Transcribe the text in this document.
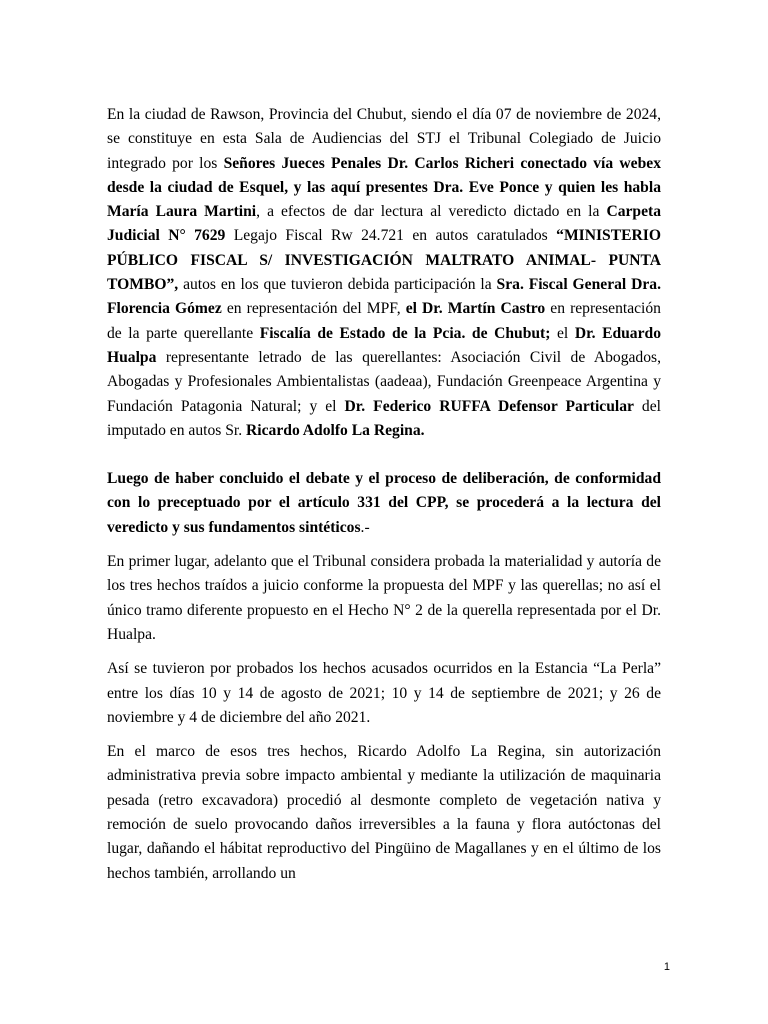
En la ciudad de Rawson, Provincia del Chubut, siendo el día 07 de noviembre de 2024, se constituye en esta Sala de Audiencias del STJ el Tribunal Colegiado de Juicio integrado por los Señores Jueces Penales Dr. Carlos Richeri conectado vía webex desde la ciudad de Esquel, y las aquí presentes Dra. Eve Ponce y quien les habla María Laura Martini, a efectos de dar lectura al veredicto dictado en la Carpeta Judicial N° 7629 Legajo Fiscal Rw 24.721 en autos caratulados “MINISTERIO PÚBLICO FISCAL S/ INVESTIGACIÓN MALTRATO ANIMAL- PUNTA TOMBO”, autos en los que tuvieron debida participación la Sra. Fiscal General Dra. Florencia Gómez en representación del MPF, el Dr. Martín Castro en representación de la parte querellante Fiscalía de Estado de la Pcia. de Chubut; el Dr. Eduardo Hualpa representante letrado de las querellantes: Asociación Civil de Abogados, Abogadas y Profesionales Ambientalistas (aadeaa), Fundación Greenpeace Argentina y Fundación Patagonia Natural; y el Dr. Federico RUFFA Defensor Particular del imputado en autos Sr. Ricardo Adolfo La Regina.

Luego de haber concluido el debate y el proceso de deliberación, de conformidad con lo preceptuado por el artículo 331 del CPP, se procederá a la lectura del veredicto y sus fundamentos sintéticos.-

En primer lugar, adelanto que el Tribunal considera probada la materialidad y autoría de los tres hechos traídos a juicio conforme la propuesta del MPF y las querellas; no así el único tramo diferente propuesto en el Hecho N° 2 de la querella representada por el Dr. Hualpa.

Así se tuvieron por probados los hechos acusados ocurridos en la Estancia “La Perla” entre los días 10 y 14 de agosto de 2021; 10 y 14 de septiembre de 2021; y 26 de noviembre y 4 de diciembre del año 2021.

En el marco de esos tres hechos, Ricardo Adolfo La Regina, sin autorización administrativa previa sobre impacto ambiental y mediante la utilización de maquinaria pesada (retro excavadora) procedió al desmonte completo de vegetación nativa y remoción de suelo provocando daños irreversibles a la fauna y flora autóctonas del lugar, dañando el hábitat reproductivo del Pingüino de Magallanes y en el último de los hechos también, arrollando un

1
